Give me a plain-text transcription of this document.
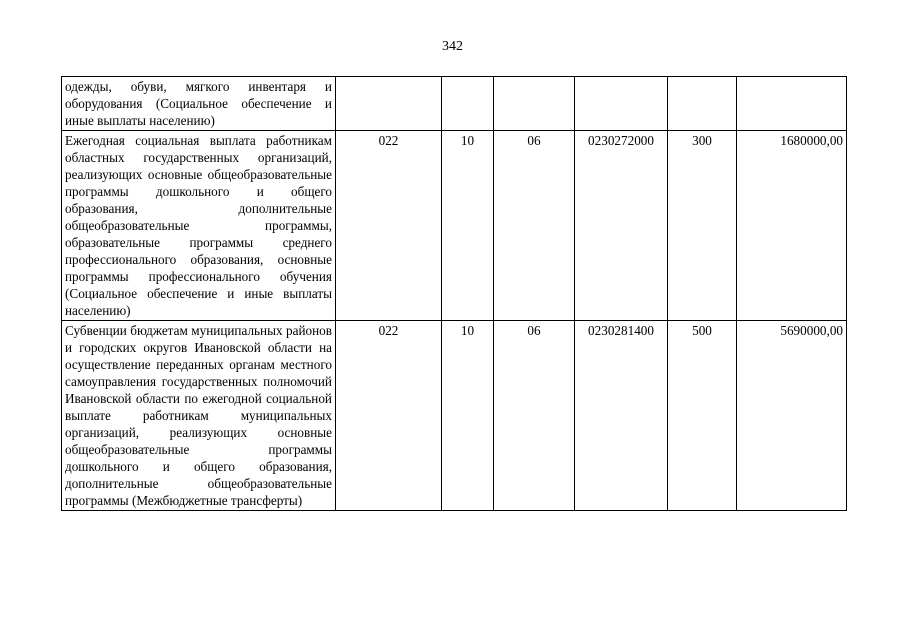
342
одежды, обуви, мягкого инвентаря и оборудования (Социальное обеспечение и иные выплаты населению)						
Ежегодная социальная выплата работникам областных государственных организаций, реализующих основные общеобразовательные программы дошкольного и общего образования, дополнительные общеобразовательные программы, образовательные программы среднего профессионального образования, основные программы профессионального обучения (Социальное обеспечение и иные выплаты населению)	022	10	06	0230272000	300	1680000,00
Субвенции бюджетам муниципальных районов и городских округов Ивановской области на осуществление переданных органам местного самоуправления государственных полномочий Ивановской области по ежегодной социальной выплате работникам муниципальных организаций, реализующих основные общеобразовательные программы дошкольного и общего образования, дополнительные общеобразовательные программы (Межбюджетные трансферты)	022	10	06	0230281400	500	5690000,00
